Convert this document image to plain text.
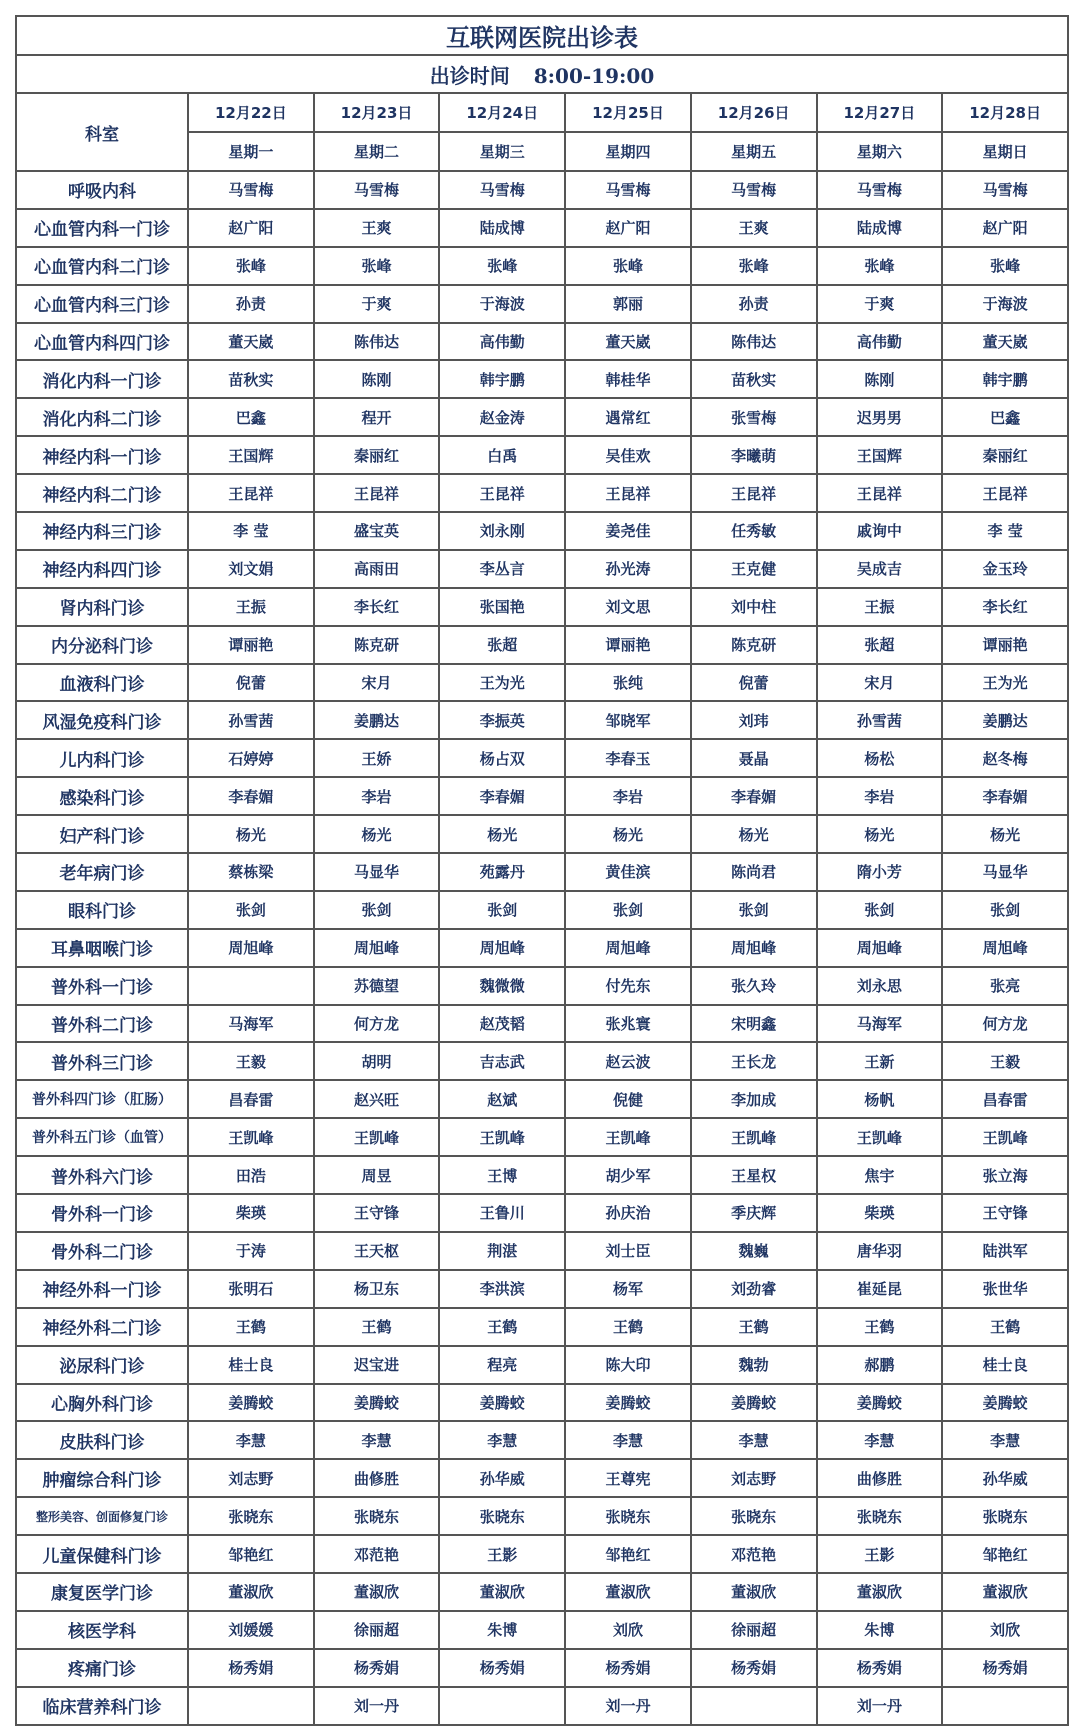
互联网医院出诊表							
出诊时间 8:00-19:00							
科室	12月22日	12月23日	12月24日	12月25日	12月26日	12月27日	12月28日
	星期一	星期二	星期三	星期四	星期五	星期六	星期日
呼吸内科	马雪梅	马雪梅	马雪梅	马雪梅	马雪梅	马雪梅	马雪梅
心血管内科一门诊	赵广阳	王爽	陆成博	赵广阳	王爽	陆成博	赵广阳
心血管内科二门诊	张峰	张峰	张峰	张峰	张峰	张峰	张峰
心血管内科三门诊	孙责	于爽	于海波	郭丽	孙责	于爽	于海波
心血管内科四门诊	董天崴	陈伟达	高伟勤	董天崴	陈伟达	高伟勤	董天崴
消化内科一门诊	苗秋实	陈刚	韩宇鹏	韩桂华	苗秋实	陈刚	韩宇鹏
消化内科二门诊	巴鑫	程开	赵金涛	遇常红	张雪梅	迟男男	巴鑫
神经内科一门诊	王国辉	秦丽红	白禹	吴佳欢	李曦萌	王国辉	秦丽红
神经内科二门诊	王昆祥	王昆祥	王昆祥	王昆祥	王昆祥	王昆祥	王昆祥
神经内科三门诊	李 莹	盛宝英	刘永刚	姜尧佳	任秀敏	戚询中	李 莹
神经内科四门诊	刘文娟	高雨田	李丛言	孙光涛	王克健	吴成吉	金玉玲
肾内科门诊	王振	李长红	张国艳	刘文思	刘中柱	王振	李长红
内分泌科门诊	谭丽艳	陈克研	张超	谭丽艳	陈克研	张超	谭丽艳
血液科门诊	倪蕾	宋月	王为光	张纯	倪蕾	宋月	王为光
风湿免疫科门诊	孙雪茜	姜鹏达	李振英	邹晓军	刘玮	孙雪茜	姜鹏达
儿内科门诊	石婷婷	王娇	杨占双	李春玉	聂晶	杨松	赵冬梅
感染科门诊	李春媚	李岩	李春媚	李岩	李春媚	李岩	李春媚
妇产科门诊	杨光	杨光	杨光	杨光	杨光	杨光	杨光
老年病门诊	蔡栋梁	马显华	苑露丹	黄佳滨	陈尚君	隋小芳	马显华
眼科门诊	张剑	张剑	张剑	张剑	张剑	张剑	张剑
耳鼻咽喉门诊	周旭峰	周旭峰	周旭峰	周旭峰	周旭峰	周旭峰	周旭峰
普外科一门诊		苏德望	魏微微	付先东	张久玲	刘永思	张亮
普外科二门诊	马海军	何方龙	赵茂韬	张兆寰	宋明鑫	马海军	何方龙
普外科三门诊	王毅	胡明	吉志武	赵云波	王长龙	王新	王毅
普外科四门诊（肛肠）	昌春雷	赵兴旺	赵斌	倪健	李加成	杨帆	昌春雷
普外科五门诊（血管）	王凯峰	王凯峰	王凯峰	王凯峰	王凯峰	王凯峰	王凯峰
普外科六门诊	田浩	周昱	王博	胡少军	王星权	焦宇	张立海
骨外科一门诊	柴瑛	王守锋	王鲁川	孙庆治	季庆辉	柴瑛	王守锋
骨外科二门诊	于涛	王天枢	荆湛	刘士臣	魏巍	唐华羽	陆洪军
神经外科一门诊	张明石	杨卫东	李洪滨	杨军	刘劲睿	崔延昆	张世华
神经外科二门诊	王鹤	王鹤	王鹤	王鹤	王鹤	王鹤	王鹤
泌尿科门诊	桂士良	迟宝进	程亮	陈大印	魏勃	郝鹏	桂士良
心胸外科门诊	姜腾蛟	姜腾蛟	姜腾蛟	姜腾蛟	姜腾蛟	姜腾蛟	姜腾蛟
皮肤科门诊	李慧	李慧	李慧	李慧	李慧	李慧	李慧
肿瘤综合科门诊	刘志野	曲修胜	孙华威	王尊宪	刘志野	曲修胜	孙华威
整形美容、创面修复门诊	张晓东	张晓东	张晓东	张晓东	张晓东	张晓东	张晓东
儿童保健科门诊	邹艳红	邓范艳	王影	邹艳红	邓范艳	王影	邹艳红
康复医学门诊	董淑欣	董淑欣	董淑欣	董淑欣	董淑欣	董淑欣	董淑欣
核医学科	刘媛媛	徐丽超	朱博	刘欣	徐丽超	朱博	刘欣
疼痛门诊	杨秀娟	杨秀娟	杨秀娟	杨秀娟	杨秀娟	杨秀娟	杨秀娟
临床营养科门诊		刘一丹		刘一丹		刘一丹	
